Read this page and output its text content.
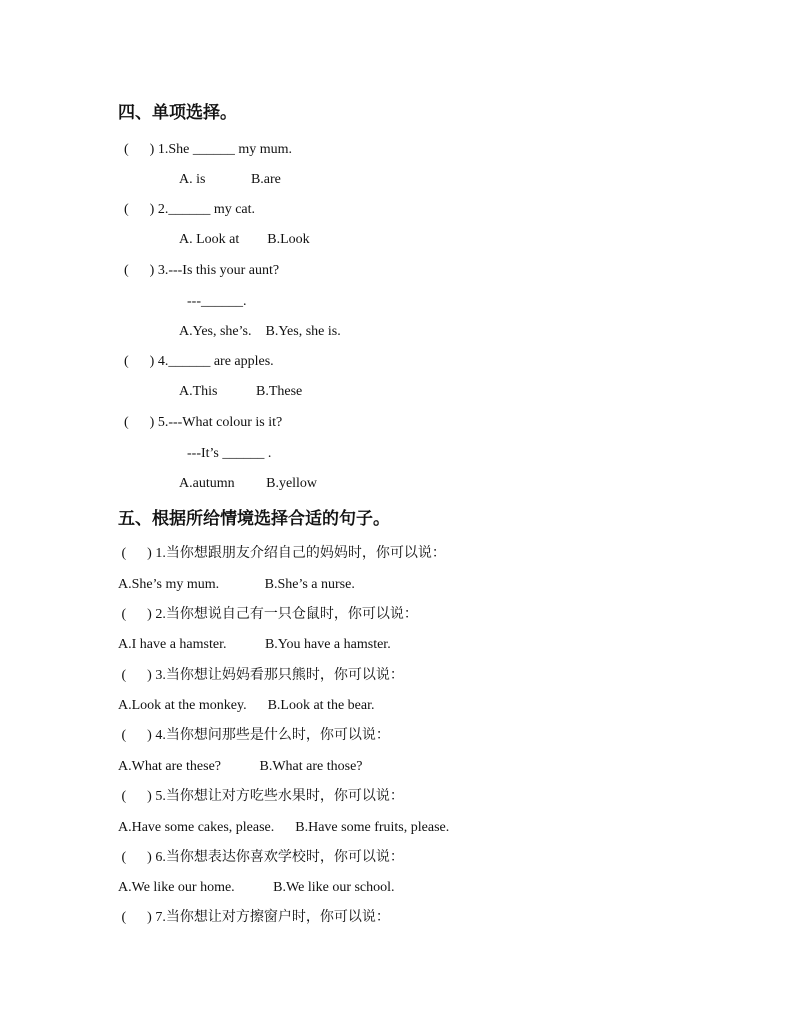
四、单项选择。
(      ) 1.She ______ my mum.
A. is             B.are
(      ) 2.______ my cat.
A. Look at        B.Look
(      ) 3.---Is this your aunt?
---______.
A.Yes, she’s.    B.Yes, she is.
(      ) 4.______ are apples.
A.This           B.These
(      ) 5.---What colour is it?
---It’s ______ .
A.autumn         B.yellow
五、根据所给情境选择合适的句子。
(      ) 1.当你想跟朋友介绍自己的妈妈时，你可以说：
A.She’s my mum.             B.She’s a nurse.
(      ) 2.当你想说自己有一只仓鼠时，你可以说：
A.I have a hamster.           B.You have a hamster.
(      ) 3.当你想让妈妈看那只熊时，你可以说：
A.Look at the monkey.      B.Look at the bear.
(      ) 4.当你想问那些是什么时，你可以说：
A.What are these?           B.What are those?
(      ) 5.当你想让对方吃些水果时，你可以说：
A.Have some cakes, please.      B.Have some fruits, please.
(      ) 6.当你想表达你喜欢学校时，你可以说：
A.We like our home.           B.We like our school.
(      ) 7.当你想让对方擦窗户时，你可以说：
